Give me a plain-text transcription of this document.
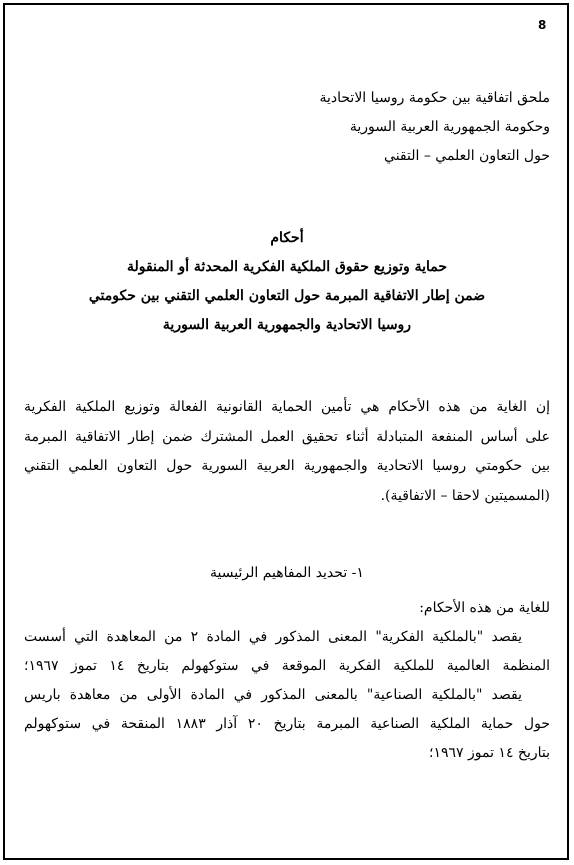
8
ملحق اتفاقية بين حكومة روسيا الاتحادية
وحكومة الجمهورية العربية السورية
حول التعاون العلمي – التقني
أحكام
حماية وتوزيع حقوق الملكية الفكرية المحدثة أو المنقولة
ضمن إطار الاتفاقية المبرمة حول التعاون العلمي التقني بين حكومتي
روسيا الاتحادية والجمهورية العربية السورية
إن الغاية من هذه الأحكام هي تأمين الحماية القانونية الفعالة وتوزيع الملكية الفكرية
على أساس المنفعة المتبادلة أثناء تحقيق العمل المشترك ضمن إطار الاتفاقية المبرمة
بين حكومتي روسيا الاتحادية والجمهورية العربية السورية حول التعاون العلمي التقني
(المسميتين لاحقا – الاتفاقية).
١- تحديد المفاهيم الرئيسية
للغاية من هذه الأحكام:
يقصد "بالملكية الفكرية" المعنى المذكور في المادة ٢ من المعاهدة التي أسست
المنظمة العالمية للملكية الفكرية الموقعة في ستوكهولم بتاريخ ١٤ تموز ١٩٦٧؛
يقصد "بالملكية الصناعية" بالمعنى المذكور في المادة الأولى من معاهدة باريس
حول حماية الملكية الصناعية المبرمة بتاريخ ٢٠ آذار ١٨٨٣ المنقحة في ستوكهولم
بتاريخ ١٤ تموز ١٩٦٧؛
